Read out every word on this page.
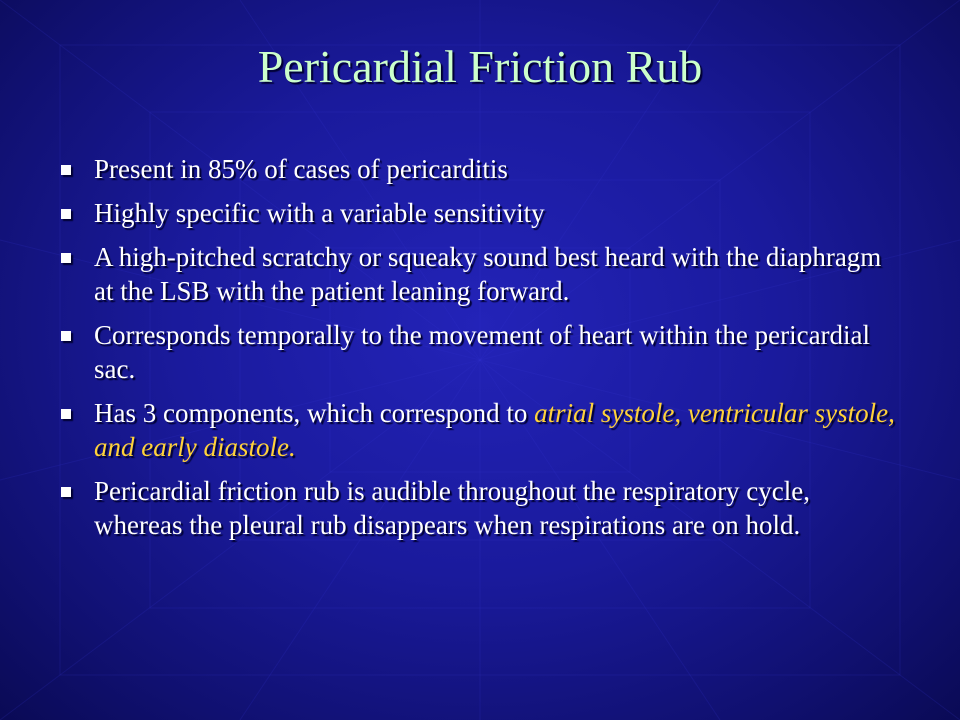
Pericardial Friction Rub
Present in 85% of cases of pericarditis
Highly specific with a variable sensitivity
A high-pitched scratchy or squeaky sound best heard with the diaphragm at the LSB with the patient leaning forward.
Corresponds temporally to the movement of heart within the pericardial sac.
Has 3 components, which correspond to atrial systole, ventricular systole, and early diastole.
Pericardial friction rub is audible throughout the respiratory cycle, whereas the pleural rub disappears when respirations are on hold.
